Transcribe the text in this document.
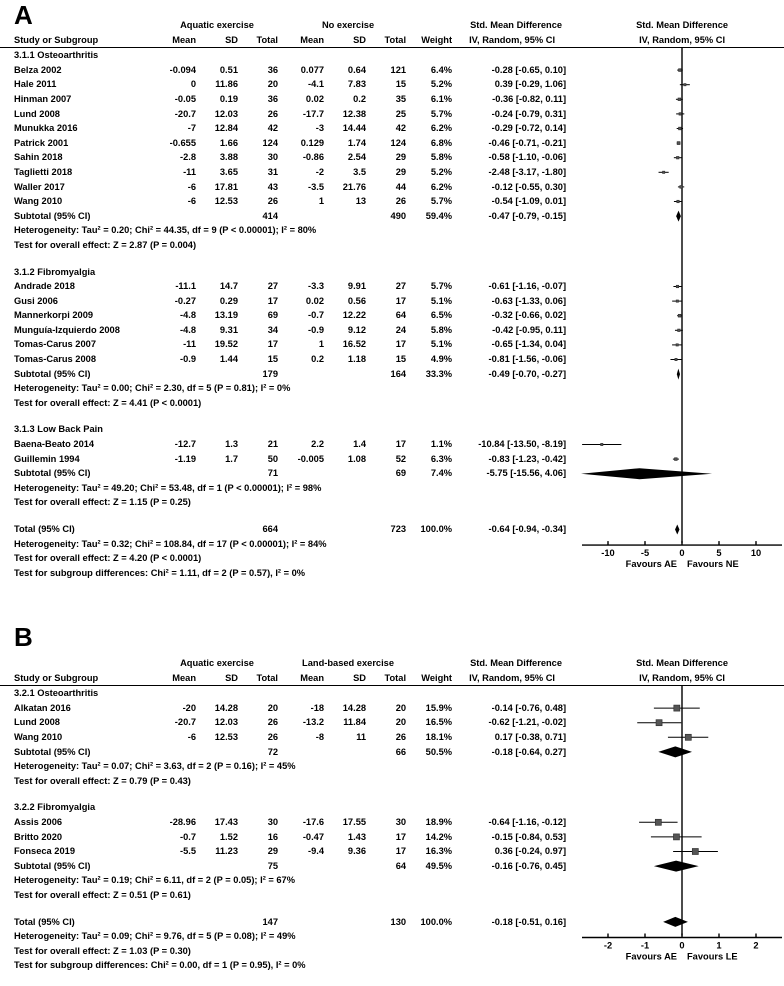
A
		Aquatic exercise			No exercise				Std. Mean Difference	Std. Mean Difference
Study or Subgroup	Mean	SD	Total	Mean	SD	Total	Weight	IV, Random, 95% CI	IV, Random, 95% CI
3.1.1 Osteoarthritis									
Belza 2002	-0.094	0.51	36	0.077	0.64	121	6.4%	-0.28 [-0.65, 0.10]	
Hale 2011	0	11.86	20	-4.1	7.83	15	5.2%	0.39 [-0.29, 1.06]	
Hinman 2007	-0.05	0.19	36	0.02	0.2	35	6.1%	-0.36 [-0.82, 0.11]	
Lund 2008	-20.7	12.03	26	-17.7	12.38	25	5.7%	-0.24 [-0.79, 0.31]	
Munukka 2016	-7	12.84	42	-3	14.44	42	6.2%	-0.29 [-0.72, 0.14]	
Patrick 2001	-0.655	1.66	124	0.129	1.74	124	6.8%	-0.46 [-0.71, -0.21]	
Sahin 2018	-2.8	3.88	30	-0.86	2.54	29	5.8%	-0.58 [-1.10, -0.06]	
Taglietti 2018	-11	3.65	31	-2	3.5	29	5.2%	-2.48 [-3.17, -1.80]	
Waller 2017	-6	17.81	43	-3.5	21.76	44	6.2%	-0.12 [-0.55, 0.30]	
Wang 2010	-6	12.53	26	1	13	26	5.7%	-0.54 [-1.09, 0.01]	
Subtotal (95% CI)			414			490	59.4%	-0.47 [-0.79, -0.15]	
Heterogeneity: Tau² = 0.20; Chi² = 44.35, df = 9 (P < 0.00001); I² = 80%									
Test for overall effect: Z = 2.87 (P = 0.004)									

3.1.2 Fibromyalgia									
Andrade 2018	-11.1	14.7	27	-3.3	9.91	27	5.7%	-0.61 [-1.16, -0.07]	
Gusi 2006	-0.27	0.29	17	0.02	0.56	17	5.1%	-0.63 [-1.33, 0.06]	
Mannerkorpi 2009	-4.8	13.19	69	-0.7	12.22	64	6.5%	-0.32 [-0.66, 0.02]	
Munguía-Izquierdo 2008	-4.8	9.31	34	-0.9	9.12	24	5.8%	-0.42 [-0.95, 0.11]	
Tomas-Carus 2007	-11	19.52	17	1	16.52	17	5.1%	-0.65 [-1.34, 0.04]	
Tomas-Carus 2008	-0.9	1.44	15	0.2	1.18	15	4.9%	-0.81 [-1.56, -0.06]	
Subtotal (95% CI)			179			164	33.3%	-0.49 [-0.70, -0.27]	
Heterogeneity: Tau² = 0.00; Chi² = 2.30, df = 5 (P = 0.81); I² = 0%									
Test for overall effect: Z = 4.41 (P < 0.0001)									

3.1.3 Low Back Pain									
Baena-Beato 2014	-12.7	1.3	21	2.2	1.4	17	1.1%	-10.84 [-13.50, -8.19]	
Guillemin 1994	-1.19	1.7	50	-0.005	1.08	52	6.3%	-0.83 [-1.23, -0.42]	
Subtotal (95% CI)			71			69	7.4%	-5.75 [-15.56, 4.06]	
Heterogeneity: Tau² = 49.20; Chi² = 53.48, df = 1 (P < 0.00001); I² = 98%									
Test for overall effect: Z = 1.15 (P = 0.25)									

Total (95% CI)			664			723	100.0%	-0.64 [-0.94, -0.34]	
Heterogeneity: Tau² = 0.32; Chi² = 108.84, df = 17 (P < 0.00001); I² = 84%									
Test for overall effect: Z = 4.20 (P < 0.0001)									
Test for subgroup differences: Chi² = 1.11, df = 2 (P = 0.57), I² = 0%									
-10	-5	0	5	10
Favours AE Favours NE
B
	Aquatic exercise			Land-based exercise				Std. Mean Difference	Std. Mean Difference
Study or Subgroup	Mean	SD	Total	Mean	SD	Total	Weight	IV, Random, 95% CI	IV, Random, 95% CI
3.2.1 Osteoarthritis									
Alkatan 2016	-20	14.28	20	-18	14.28	20	15.9%	-0.14 [-0.76, 0.48]	
Lund 2008	-20.7	12.03	26	-13.2	11.84	20	16.5%	-0.62 [-1.21, -0.02]	
Wang 2010	-6	12.53	26	-8	11	26	18.1%	0.17 [-0.38, 0.71]	
Subtotal (95% CI)			72			66	50.5%	-0.18 [-0.64, 0.27]	
Heterogeneity: Tau² = 0.07; Chi² = 3.63, df = 2 (P = 0.16); I² = 45%									
Test for overall effect: Z = 0.79 (P = 0.43)									

3.2.2 Fibromyalgia									
Assis 2006	-28.96	17.43	30	-17.6	17.55	30	18.9%	-0.64 [-1.16, -0.12]	
Britto 2020	-0.7	1.52	16	-0.47	1.43	17	14.2%	-0.15 [-0.84, 0.53]	
Fonseca 2019	-5.5	11.23	29	-9.4	9.36	17	16.3%	0.36 [-0.24, 0.97]	
Subtotal (95% CI)			75			64	49.5%	-0.16 [-0.76, 0.45]	
Heterogeneity: Tau² = 0.19; Chi² = 6.11, df = 2 (P = 0.05); I² = 67%									
Test for overall effect: Z = 0.51 (P = 0.61)									

Total (95% CI)			147			130	100.0%	-0.18 [-0.51, 0.16]	
Heterogeneity: Tau² = 0.09; Chi² = 9.76, df = 5 (P = 0.08); I² = 49%									
Test for overall effect: Z = 1.03 (P = 0.30)									
Test for subgroup differences: Chi² = 0.00, df = 1 (P = 0.95), I² = 0%									
-2	-1	0	1	2
Favours AE Favours LE
